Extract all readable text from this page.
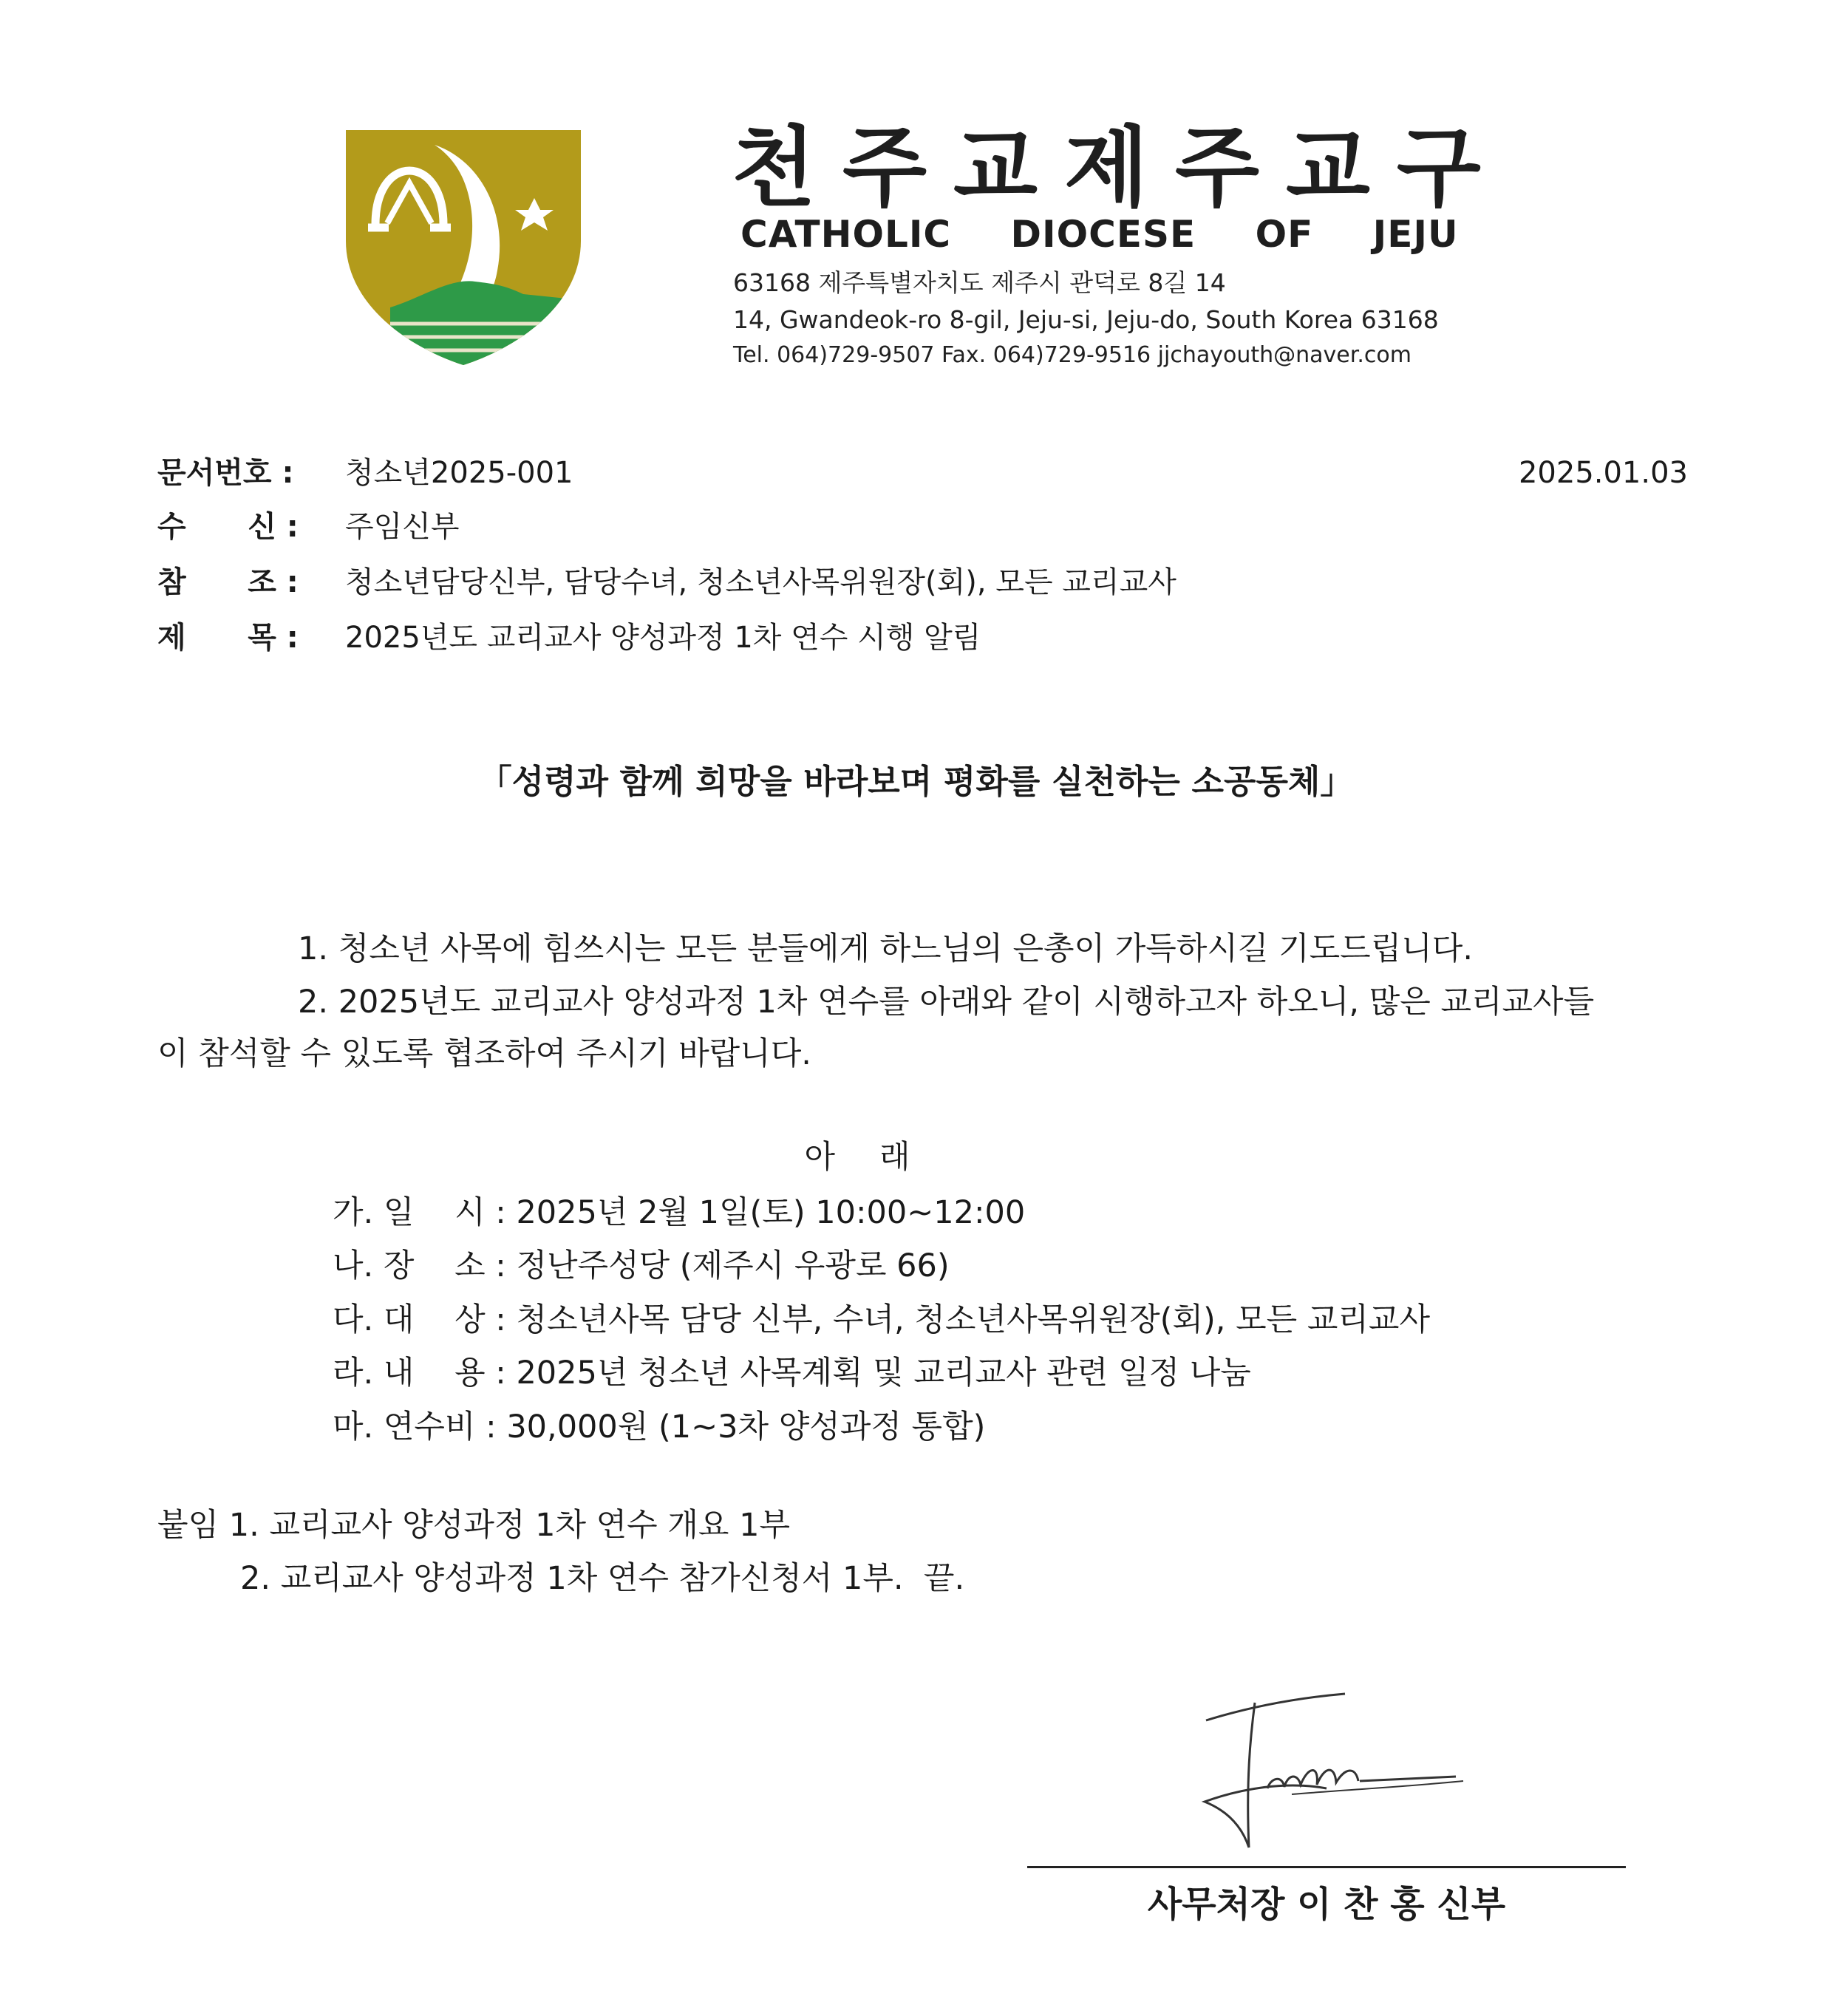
천주교제주교구
CATHOLIC DIOCESE OF JEJU
63168 제주특별자치도 제주시 관덕로 8길 14
14, Gwandeok-ro 8-gil, Jeju-si, Jeju-do, South Korea 63168
Tel. 064)729-9507 Fax. 064)729-9516 jjchayouth@naver.com
문서번호 : 청소년2025-001	2025.01.03
수      신 : 주임신부
참      조 : 청소년담당신부, 담당수녀, 청소년사목위원장(회), 모든 교리교사
제      목 : 2025년도 교리교사 양성과정 1차 연수 시행 알림
「성령과 함께 희망을 바라보며 평화를 실천하는 소공동체」
1. 청소년 사목에 힘쓰시는 모든 분들에게 하느님의 은총이 가득하시길 기도드립니다.
2. 2025년도 교리교사 양성과정 1차 연수를 아래와 같이 시행하고자 하오니, 많은 교리교사들
이 참석할 수 있도록 협조하여 주시기 바랍니다.
아래
가. 일    시 : 2025년 2월 1일(토) 10:00~12:00
나. 장    소 : 정난주성당 (제주시 우광로 66)
다. 대    상 : 청소년사목 담당 신부, 수녀, 청소년사목위원장(회), 모든 교리교사
라. 내    용 : 2025년 청소년 사목계획 및 교리교사 관련 일정 나눔
마. 연수비 : 30,000원 (1~3차 양성과정 통합)
붙임 1. 교리교사 양성과정 1차 연수 개요 1부
2. 교리교사 양성과정 1차 연수 참가신청서 1부.  끝.
사무처장 이 찬 홍 신부
